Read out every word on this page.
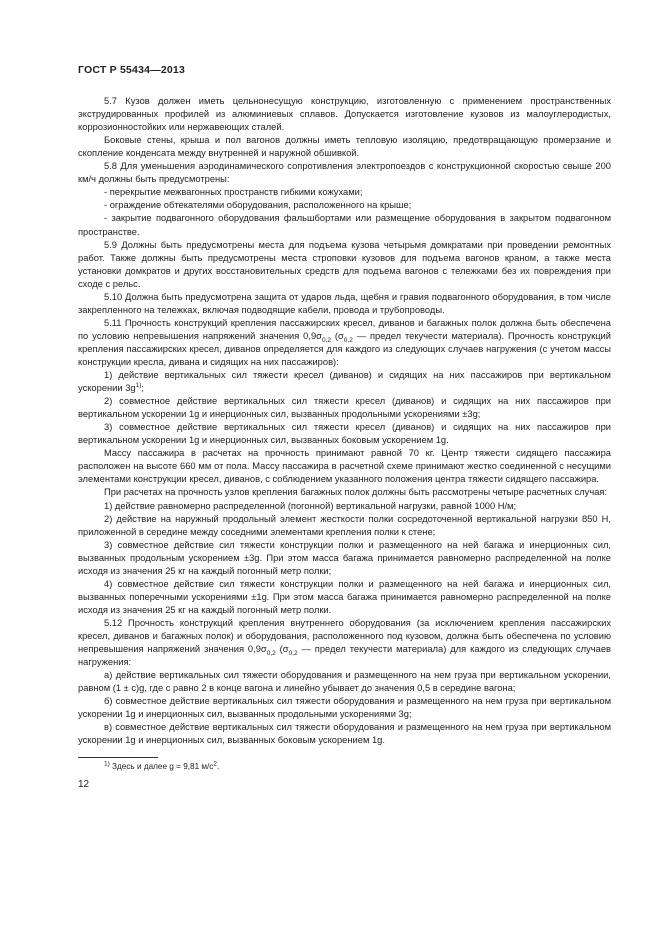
ГОСТ Р 55434—2013

5.7 Кузов должен иметь цельнонесущую конструкцию, изготовленную с применением пространственных экструдированных профилей из алюминиевых сплавов. Допускается изготовление кузовов из малоуглеродистых, коррозионностойких или нержавеющих сталей.

Боковые стены, крыша и пол вагонов должны иметь тепловую изоляцию, предотвращающую промерзание и скопление конденсата между внутренней и наружной обшивкой.

5.8 Для уменьшения аэродинамического сопротивления электропоездов с конструкционной скоростью свыше 200 км/ч должны быть предусмотрены:

- перекрытие межвагонных пространств гибкими кожухами;

- ограждение обтекателями оборудования, расположенного на крыше;

- закрытие подвагонного оборудования фальшбортами или размещение оборудования в закрытом подвагонном пространстве.

5.9 Должны быть предусмотрены места для подъема кузова четырьмя домкратами при проведении ремонтных работ. Также должны быть предусмотрены места строповки кузовов для подъема вагонов краном, а также места установки домкратов и других восстановительных средств для подъема вагонов с тележками без их повреждения при сходе с рельс.

5.10 Должна быть предусмотрена защита от ударов льда, щебня и гравия подвагонного оборудования, в том числе закрепленного на тележках, включая подводящие кабели, провода и трубопроводы.

5.11 Прочность конструкций крепления пассажирских кресел, диванов и багажных полок должна быть обеспечена по условию непревышения напряжений значения $0,9\sigma_{0,2}$ ($\sigma_{0,2}$ — предел текучести материала). Прочность конструкций крепления пассажирских кресел, диванов определяется для каждого из следующих случаев нагружения (с учетом массы конструкции кресла, дивана и сидящих на них пассажиров):

1) действие вертикальных сил тяжести кресел (диванов) и сидящих на них пассажиров при вертикальном ускорении $3g^{1)}$;

2) совместное действие вертикальных сил тяжести кресел (диванов) и сидящих на них пассажиров при вертикальном ускорении 1g и инерционных сил, вызванных продольными ускорениями ±3g;

3) совместное действие вертикальных сил тяжести кресел (диванов) и сидящих на них пассажиров при вертикальном ускорении 1g и инерционных сил, вызванных боковым ускорением 1g.

Массу пассажира в расчетах на прочность принимают равной 70 кг. Центр тяжести сидящего пассажира расположен на высоте 660 мм от пола. Массу пассажира в расчетной схеме принимают жестко соединенной с несущими элементами конструкции кресел, диванов, с соблюдением указанного положения центра тяжести сидящего пассажира.

При расчетах на прочность узлов крепления багажных полок должны быть рассмотрены четыре расчетных случая:

1) действие равномерно распределенной (погонной) вертикальной нагрузки, равной 1000 Н/м;

2) действие на наружный продольный элемент жесткости полки сосредоточенной вертикальной нагрузки 850 Н, приложенной в середине между соседними элементами крепления полки к стене;

3) совместное действие сил тяжести конструкции полки и размещенного на ней багажа и инерционных сил, вызванных продольным ускорением ±3g. При этом масса багажа принимается равномерно распределенной на полке исходя из значения 25 кг на каждый погонный метр полки;

4) совместное действие сил тяжести конструкции полки и размещенного на ней багажа и инерционных сил, вызванных поперечными ускорениями ±1g. При этом масса багажа принимается равномерно распределенной на полке исходя из значения 25 кг на каждый погонный метр полки.

5.12 Прочность конструкций крепления внутреннего оборудования (за исключением крепления пассажирских кресел, диванов и багажных полок) и оборудования, расположенного под кузовом, должна быть обеспечена по условию непревышения напряжений значения $0,9\sigma_{0,2}$ ($\sigma_{0,2}$ — предел текучести материала) для каждого из следующих случаев нагружения:

а) действие вертикальных сил тяжести оборудования и размещенного на нем груза при вертикальном ускорении, равном (1 ± с)g, где с равно 2 в конце вагона и линейно убывает до значения 0,5 в середине вагона;

б) совместное действие вертикальных сил тяжести оборудования и размещенного на нем груза при вертикальном ускорении 1g и инерционных сил, вызванных продольными ускорениями 3g;

в) совместное действие вертикальных сил тяжести оборудования и размещенного на нем груза при вертикальном ускорении 1g и инерционных сил, вызванных боковым ускорением 1g.

$^{1)}$ Здесь и далее g = 9,81 $м/с^2$.
12
